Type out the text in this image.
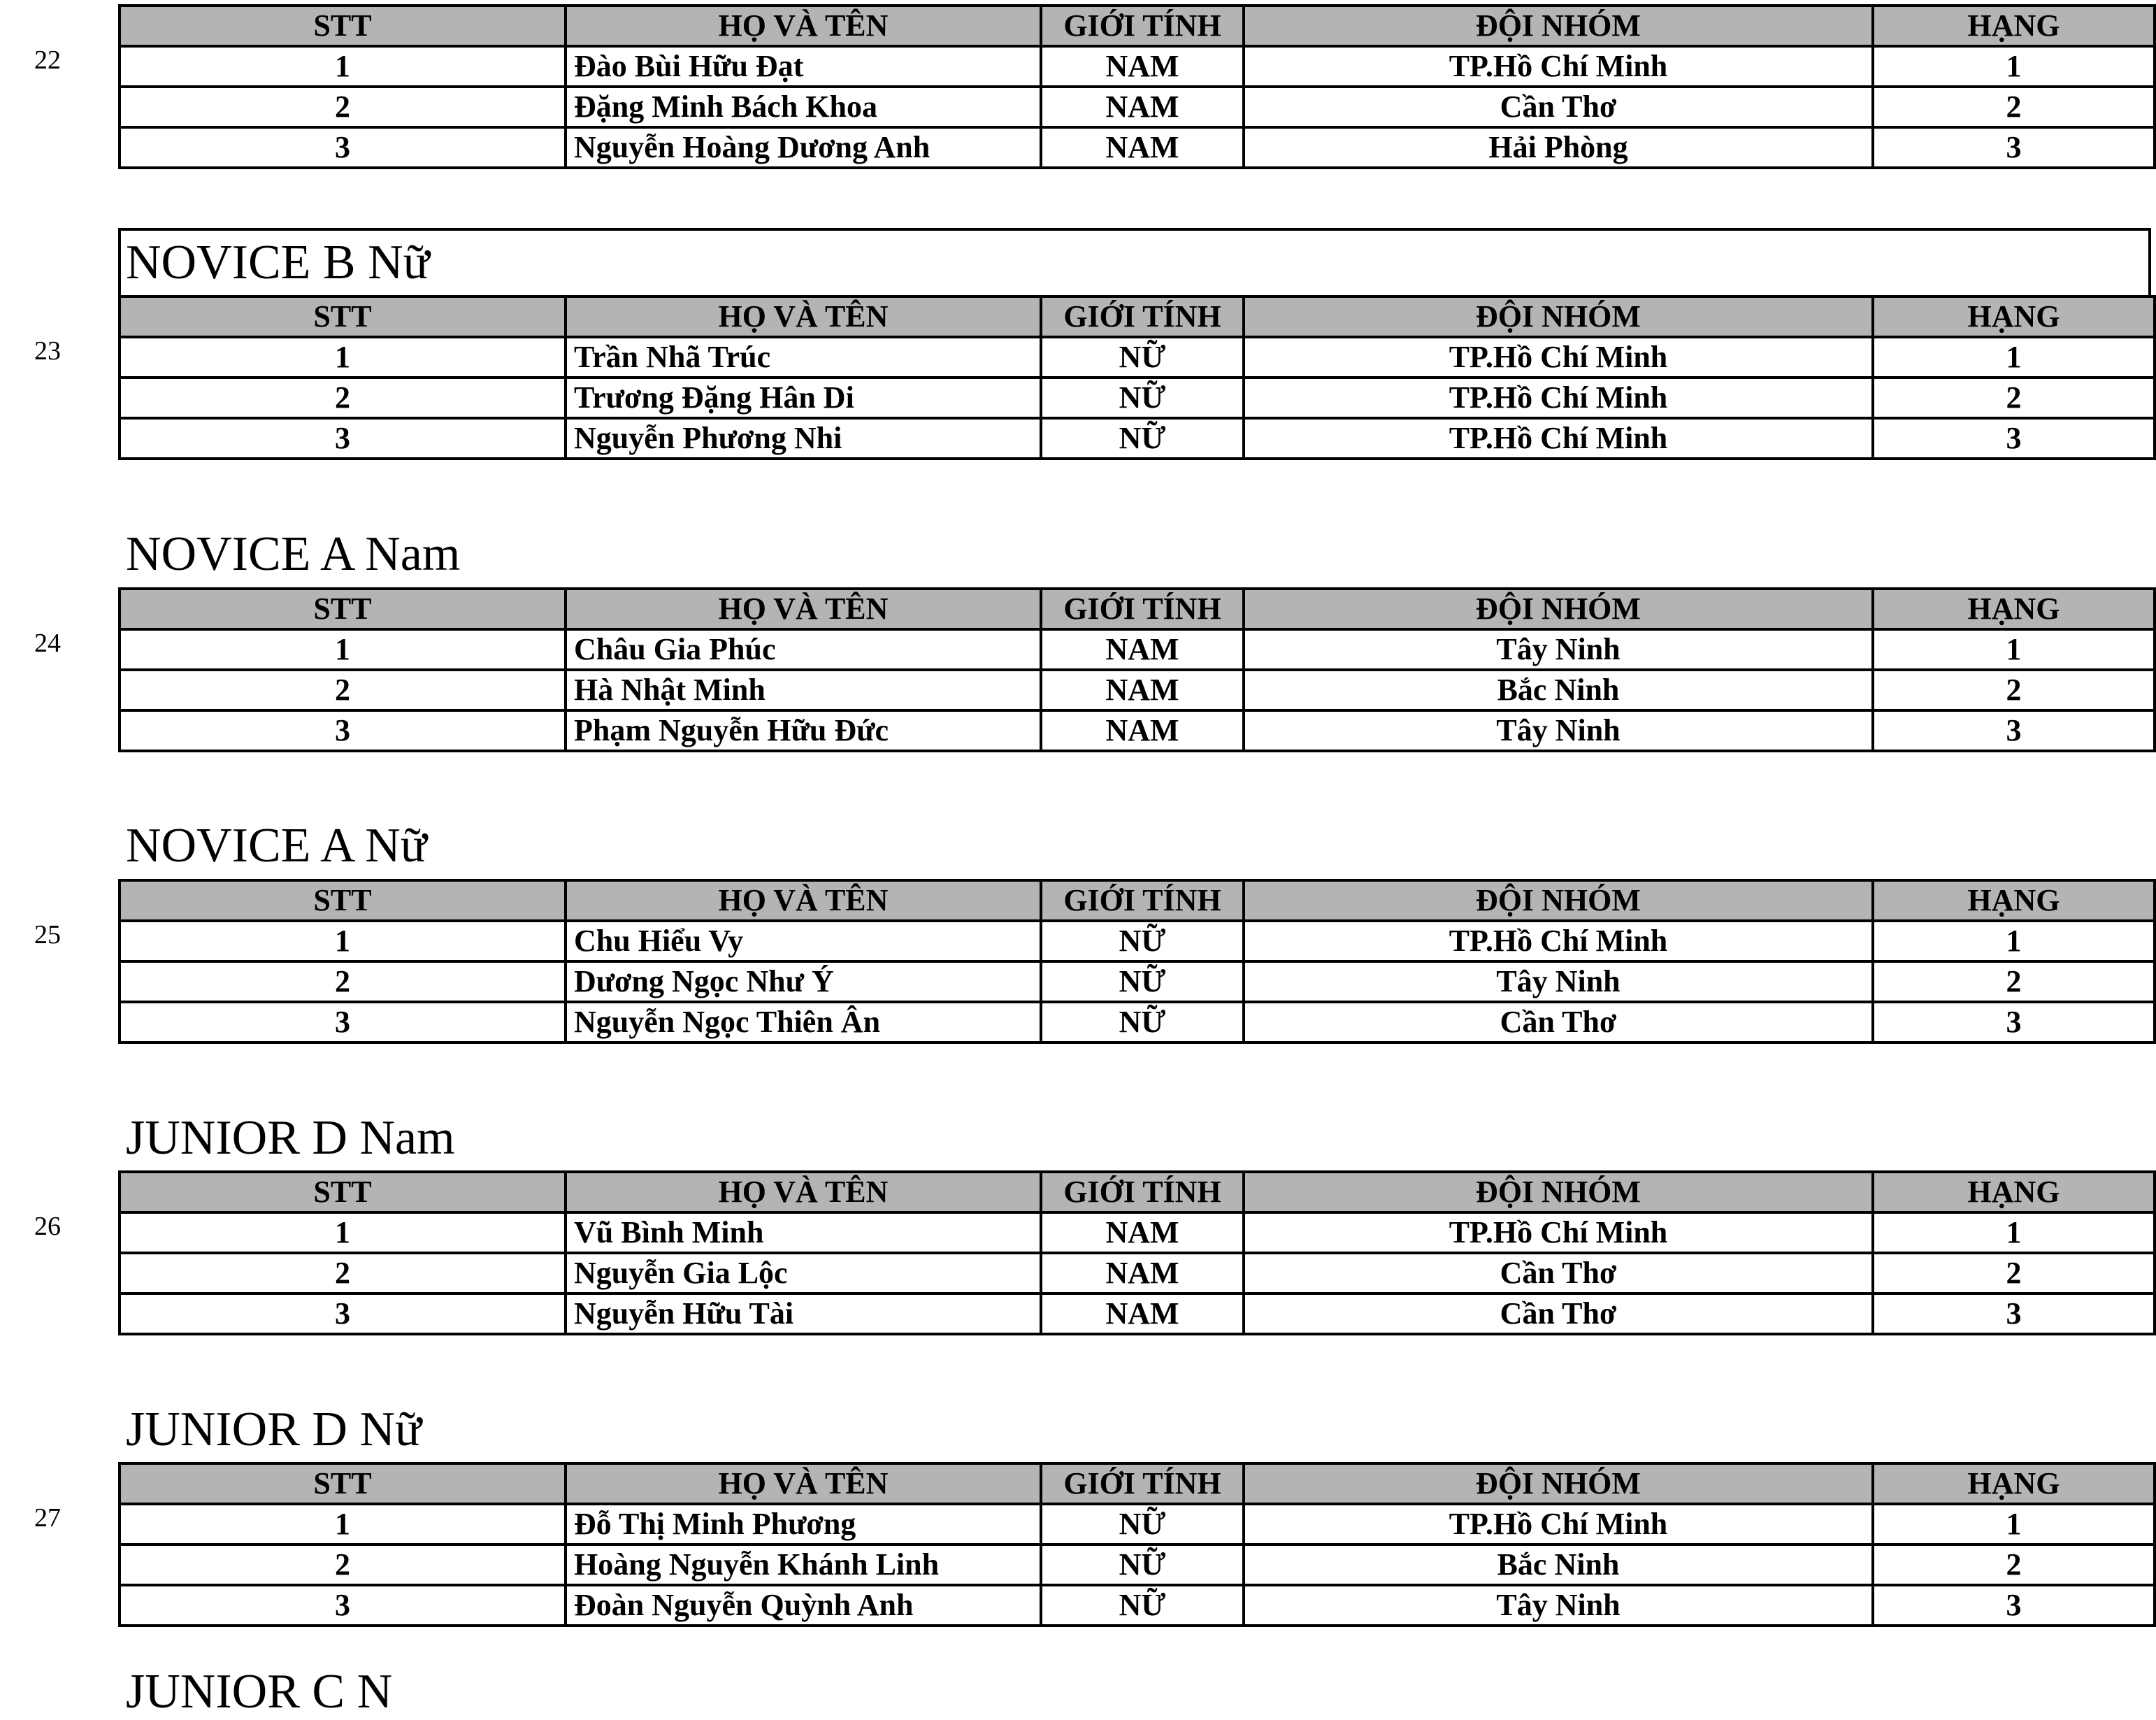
22
STT	HỌ VÀ TÊN	GIỚI TÍNH	ĐỘI NHÓM	HẠNG
1	Đào Bùi Hữu Đạt	NAM	TP.Hồ Chí Minh	1
2	Đặng Minh Bách Khoa	NAM	Cần Thơ	2
3	Nguyễn Hoàng Dương Anh	NAM	Hải Phòng	3
NOVICE B Nữ
23
STT	HỌ VÀ TÊN	GIỚI TÍNH	ĐỘI NHÓM	HẠNG
1	Trần Nhã Trúc	NỮ	TP.Hồ Chí Minh	1
2	Trương Đặng Hân Di	NỮ	TP.Hồ Chí Minh	2
3	Nguyễn Phương Nhi	NỮ	TP.Hồ Chí Minh	3
NOVICE A Nam
24
STT	HỌ VÀ TÊN	GIỚI TÍNH	ĐỘI NHÓM	HẠNG
1	Châu Gia Phúc	NAM	Tây Ninh	1
2	Hà Nhật Minh	NAM	Bắc Ninh	2
3	Phạm Nguyễn Hữu Đức	NAM	Tây Ninh	3
NOVICE A Nữ
25
STT	HỌ VÀ TÊN	GIỚI TÍNH	ĐỘI NHÓM	HẠNG
1	Chu Hiểu Vy	NỮ	TP.Hồ Chí Minh	1
2	Dương Ngọc Như Ý	NỮ	Tây Ninh	2
3	Nguyễn Ngọc Thiên Ân	NỮ	Cần Thơ	3
JUNIOR D Nam
26
STT	HỌ VÀ TÊN	GIỚI TÍNH	ĐỘI NHÓM	HẠNG
1	Vũ Bình Minh	NAM	TP.Hồ Chí Minh	1
2	Nguyễn Gia Lộc	NAM	Cần Thơ	2
3	Nguyễn Hữu Tài	NAM	Cần Thơ	3
JUNIOR D Nữ
27
STT	HỌ VÀ TÊN	GIỚI TÍNH	ĐỘI NHÓM	HẠNG
1	Đỗ Thị Minh Phương	NỮ	TP.Hồ Chí Minh	1
2	Hoàng Nguyễn Khánh Linh	NỮ	Bắc Ninh	2
3	Đoàn Nguyễn Quỳnh Anh	NỮ	Tây Ninh	3
JUNIOR C N
